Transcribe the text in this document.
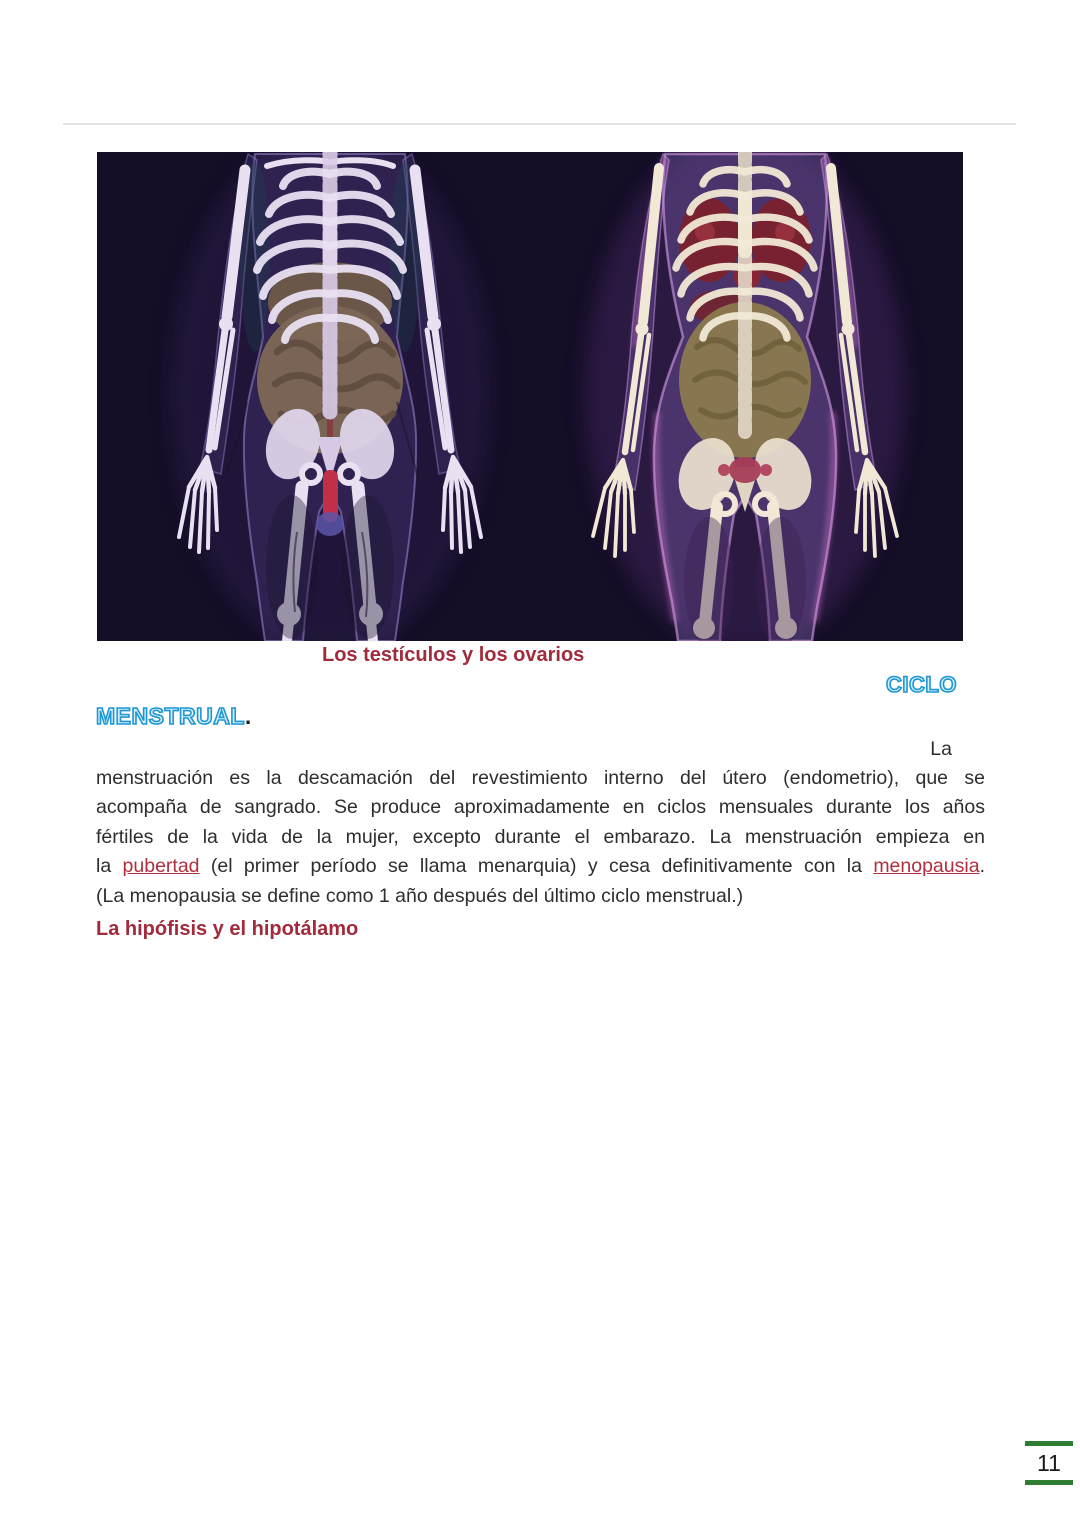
Los testículos y los ovarios
CICLO
MENSTRUAL.
La
menstruación es la descamación del revestimiento interno del útero (endometrio), que se
acompaña de sangrado. Se produce aproximadamente en ciclos mensuales durante los años
fértiles de la vida de la mujer, excepto durante el embarazo. La menstruación empieza en
la pubertad (el primer período se llama menarquia) y cesa definitivamente con la menopausia.
(La menopausia se define como 1 año después del último ciclo menstrual.)
La hipófisis y el hipotálamo
11
